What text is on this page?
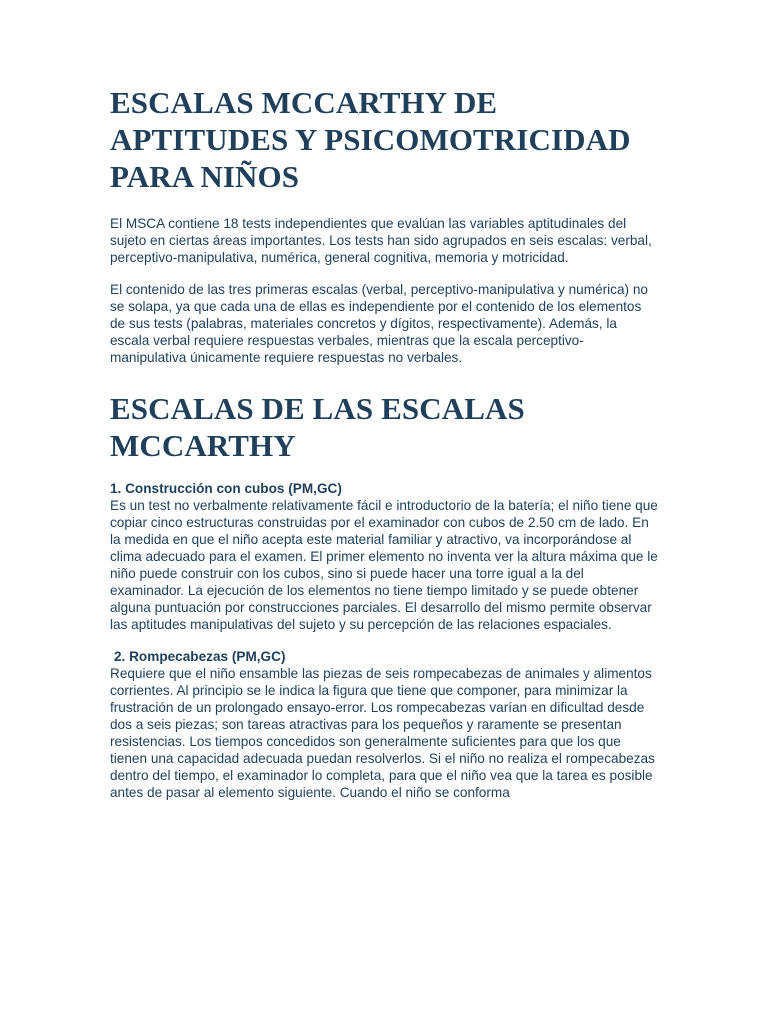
ESCALAS MCCARTHY DE APTITUDES Y PSICOMOTRICIDAD PARA NIÑOS

El MSCA contiene 18 tests independientes que evalúan las variables aptitudinales del sujeto en ciertas áreas importantes. Los tests han sido agrupados en seis escalas: verbal, perceptivo-manipulativa, numérica, general cognitiva, memoria y motricidad.

El contenido de las tres primeras escalas (verbal, perceptivo-manipulativa y numérica) no se solapa, ya que cada una de ellas es independiente por el contenido de los elementos de sus tests (palabras, materiales concretos y dígitos, respectivamente). Además, la escala verbal requiere respuestas verbales, mientras que la escala perceptivo-manipulativa únicamente requiere respuestas no verbales.

ESCALAS DE LAS ESCALAS MCCARTHY
1. Construcción con cubos (PM,GC)

Es un test no verbalmente relativamente fácil e introductorio de la batería; el niño tiene que copiar cinco estructuras construidas por el examinador con cubos de 2.50 cm de lado. En la medida en que el niño acepta este material familiar y atractivo, va incorporándose al clima adecuado para el examen. El primer elemento no inventa ver la altura máxima que le niño puede construir con los cubos, sino si puede hacer una torre igual a la del examinador. La ejecución de los elementos no tiene tiempo limitado y se puede obtener alguna puntuación por construcciones parciales. El desarrollo del mismo permite observar las aptitudes manipulativas del sujeto y su percepción de las relaciones espaciales.

2. Rompecabezas (PM,GC)

Requiere que el niño ensamble las piezas de seis rompecabezas de animales y alimentos corrientes. Al principio se le indica la figura que tiene que componer, para minimizar la frustración de un prolongado ensayo-error. Los rompecabezas varían en dificultad desde dos a seis piezas; son tareas atractivas para los pequeños y raramente se presentan resistencias. Los tiempos concedidos son generalmente suficientes para que los que tienen una capacidad adecuada puedan resolverlos. Si el niño no realiza el rompecabezas dentro del tiempo, el examinador lo completa, para que el niño vea que la tarea es posible antes de pasar al elemento siguiente. Cuando el niño se conforma
